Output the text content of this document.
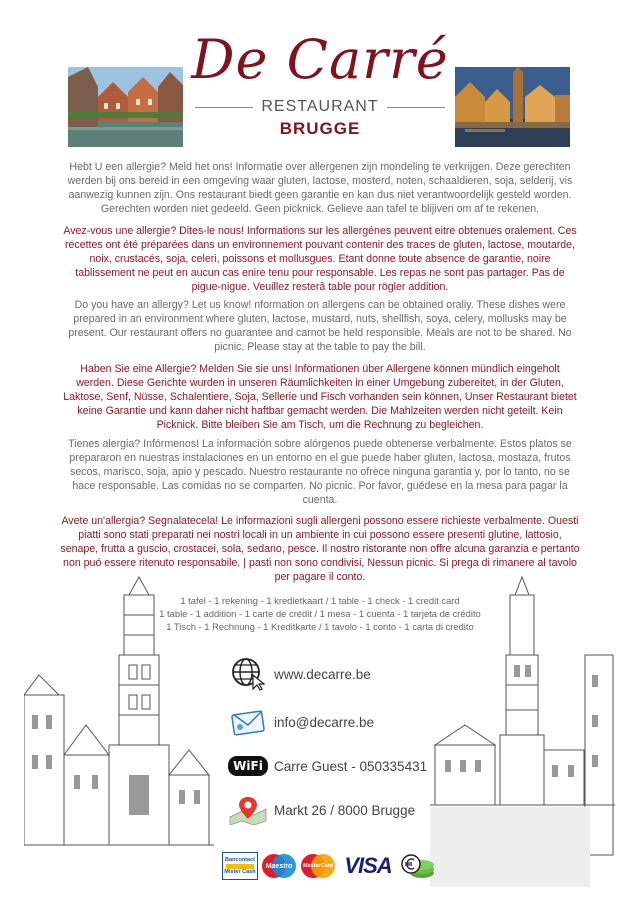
De Carré
RESTAURANT
BRUGGE
Hebt U een allergie? Meld het ons! Informatie over allergenen zijn mondeling te verkrijgen. Deze gerechten werden bij ons bereid in een omgeving waar gluten, lactose, mosterd, noten, schaaldieren, soja, selderij, vis aanwezig kunnen zijn. Ons restaurant biedt geen garantie en kan dus niet verantwoordelijk gesteld worden. Gerechten worden niet gedeeld. Geen picknick. Gelieve aan tafel te blijiven om af te rekenen.
Avez-vous une allergie? Dites-le nous! Informations sur les allergénes peuvent eitre obtenues oralement. Ces recettes ont été préparées dans un environnement pouvant contenir des traces de gluten, lactose, moutarde, noix, crustacés, soja, celeri, poissons et mollusgues. Etant donne toute absence de garantie, noire tablissement ne peut en aucun cas enire tenu pour responsable. Les repas ne sont pas partager. Pas de pigue-nigue. Veuillez resterâ table pour rögler addition.
Do you have an allergy? Let us know! nformation on allergens can be obtained oraliy. These dishes were prepared in an environment where gluten, lactose, mustard, nuts, shellfish, soya, celery, mollusks may be present. Our restaurant offers no guarantee and carnot be held responsible. Meals are not to be shared. No picnic. Please stay at the table to pay the bill.
Haben Sie eine Allergie? Melden Sie sie uns! Informationen über Allergene können mündlich eingeholt werden. Diese Gerichte wurden in unseren Räumlichkeiten in einer Umgebung zubereitet, in der Gluten, Laktose, Senf, Nüsse, Schalentiere, Soja, Sellerie und Fisch vorhanden sein können, Unser Restaurant bietet keine Garantie und kann daher nicht haftbar gemacht werden. Die Mahlzeiten werden nicht geteilt. Kein Picknick. Bitte bleiben Sie am Tisch, um die Rechnung zu begleichen.
Tienes alergia? Infórmenos! La información sobre alórgenos puede obtenerse verbalmente. Estos platos se prepararon en nuestras instalaciones en un entorno en el gue puede haber gluten, lactosa, mostaza, frutos secos, marisco, soja, apio y pescado. Nuestro restaurante no ofrece ninguna garantia y, por lo tanto, no se hace responsable. Las comidas no se comparten. No picnic. Por favor, guédese en la mesa para pagar la cuenta.
Avete un'allergia? Segnalatecela! Le informazioni sugli allergeni possono essere richieste verbalmente. Ouesti piatti sono stati preparati nei nostri locali in un ambiente in cui possono essere presenti glutine, lattosio, senape, frutta a guscio, crostacei, sola, sedano, pesce. Il nostro ristorante non offre alcuna garanzia e pertanto non puó essere ritenuto responsabile. | pasti non sono condivisi, Nessun picnic. Si prega di rimanere al tavolo per pagare il conto.
1 tafel - 1 rekening - 1 kredietkaart / 1 table - 1 check - 1 credit card
1 table - 1 addition - 1 carte de crédit / 1 mesa - 1 cuenta - 1 tarjeta de crédito
1 Tisch - 1 Rechnung - 1 Kreditkarte / 1 tavolo - 1 conto - 1 carta di credito
www.decarre.be
info@decarre.be
WiFi Carre Guest - 050335431
Markt 26 / 8000 Brugge
Bancontact
Mister Cash
Maestro MasterCard VISA
